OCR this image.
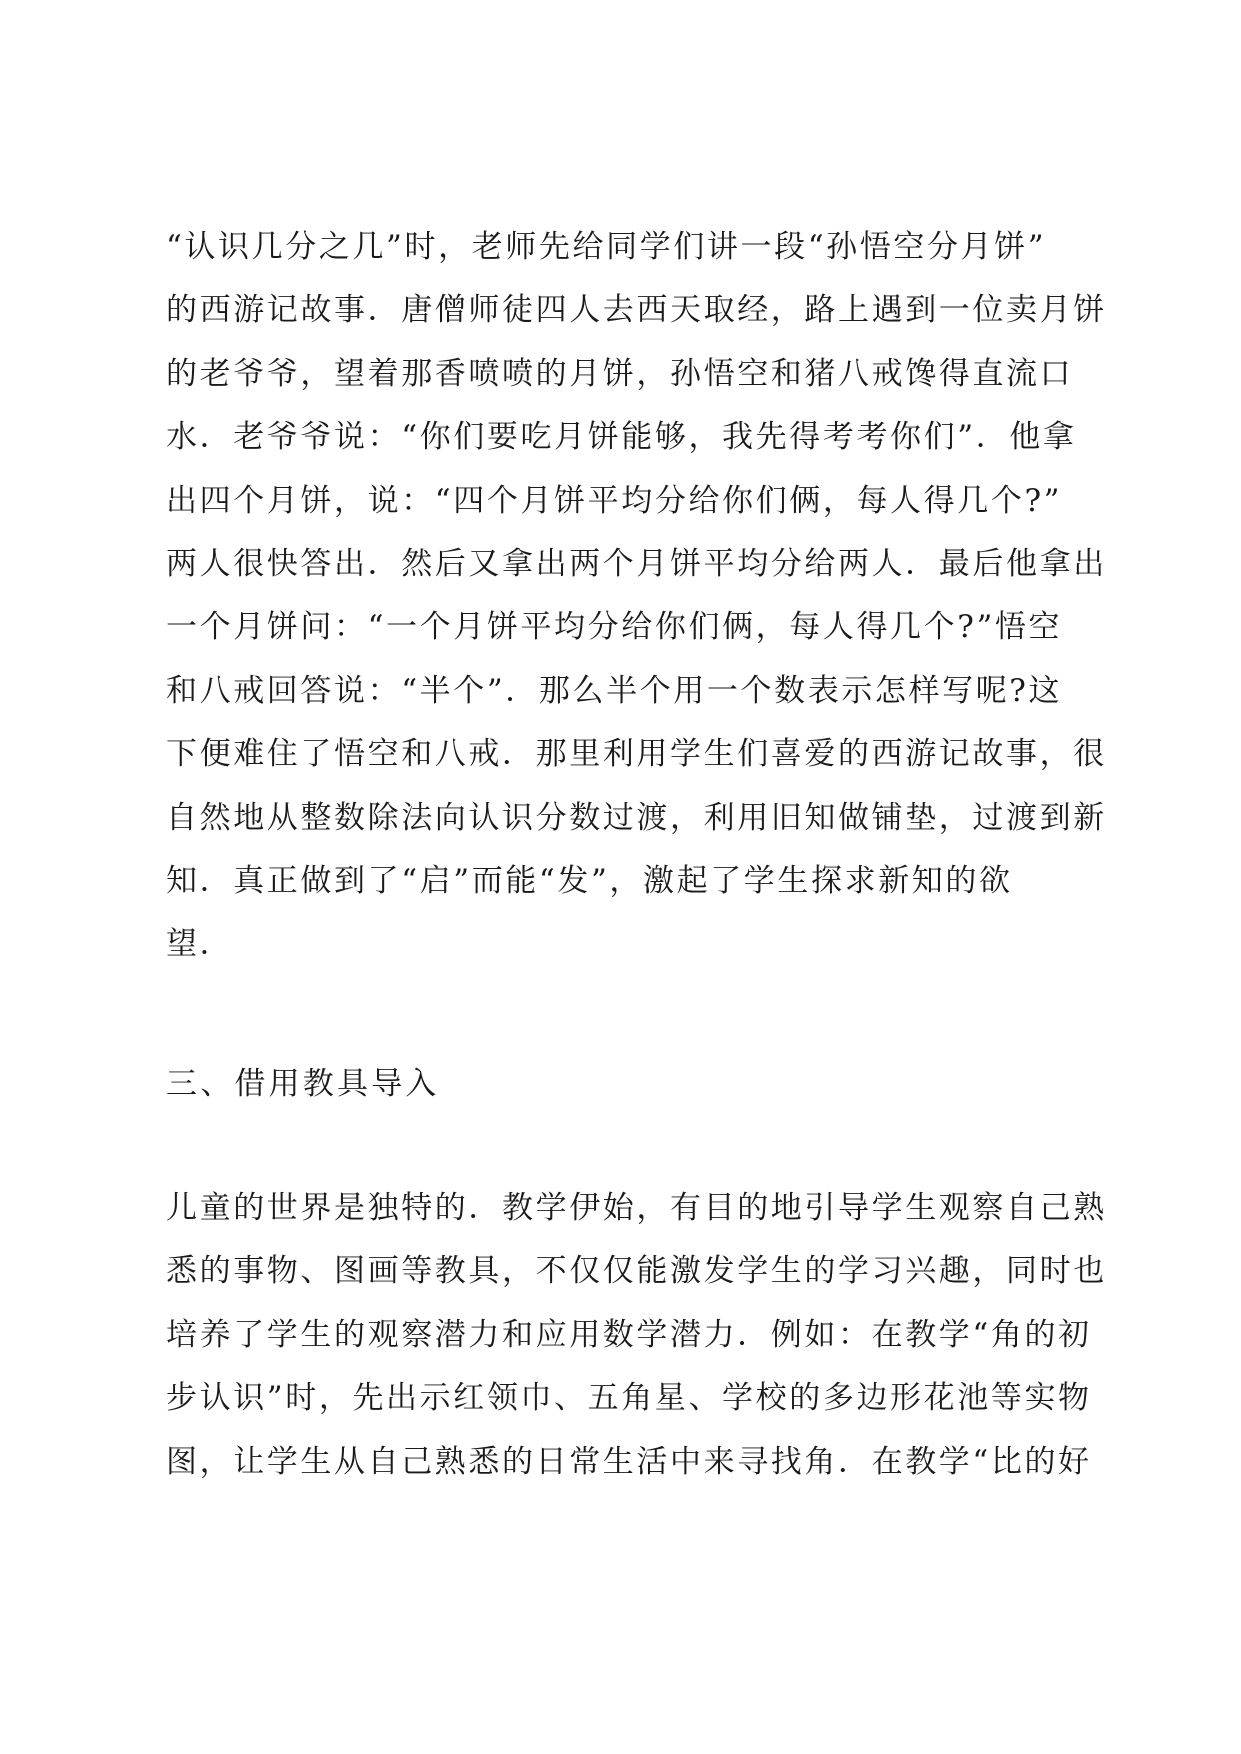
“认识几分之几”时，老师先给同学们讲一段“孙悟空分月饼”
的西游记故事．唐僧师徒四人去西天取经，路上遇到一位卖月饼
的老爷爷，望着那香喷喷的月饼，孙悟空和猪八戒馋得直流口
水．老爷爷说：“你们要吃月饼能够，我先得考考你们”．他拿
出四个月饼，说：“四个月饼平均分给你们俩，每人得几个?”
两人很快答出．然后又拿出两个月饼平均分给两人．最后他拿出
一个月饼问：“一个月饼平均分给你们俩，每人得几个?”悟空
和八戒回答说：“半个”．那么半个用一个数表示怎样写呢?这
下便难住了悟空和八戒．那里利用学生们喜爱的西游记故事，很
自然地从整数除法向认识分数过渡，利用旧知做铺垫，过渡到新
知．真正做到了“启”而能“发”，激起了学生探求新知的欲
望．
三、借用教具导入
儿童的世界是独特的．教学伊始，有目的地引导学生观察自己熟
悉的事物、图画等教具，不仅仅能激发学生的学习兴趣，同时也
培养了学生的观察潜力和应用数学潜力．例如：在教学“角的初
步认识”时，先出示红领巾、五角星、学校的多边形花池等实物
图，让学生从自己熟悉的日常生活中来寻找角．在教学“比的好
